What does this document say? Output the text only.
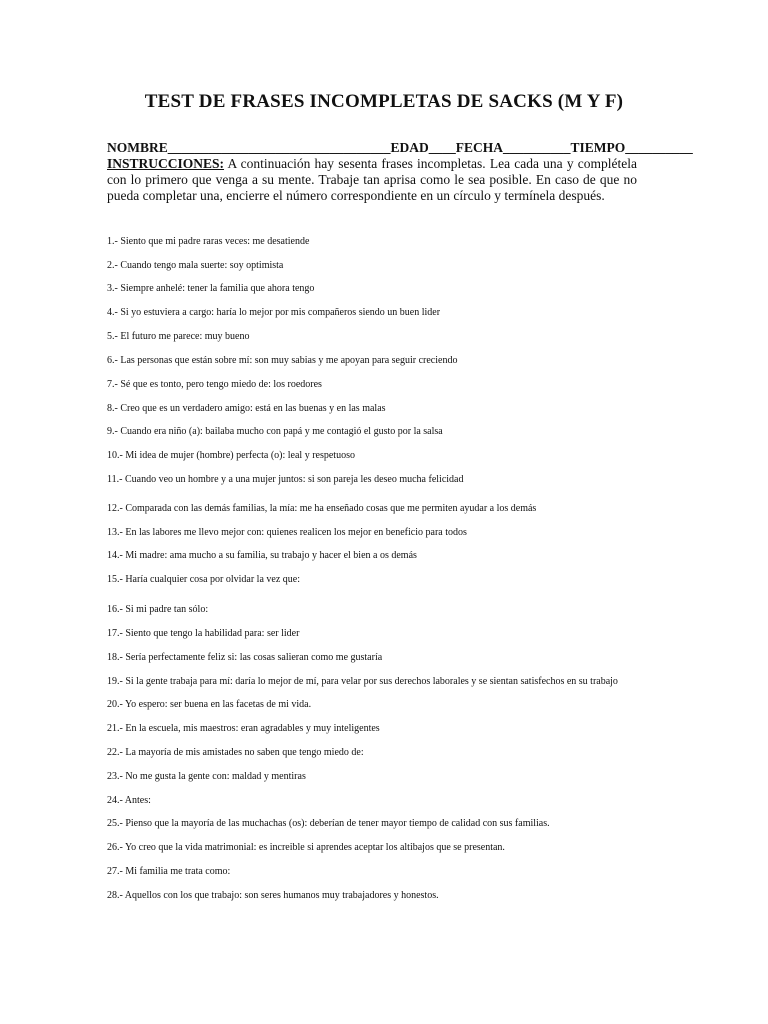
TEST DE FRASES INCOMPLETAS DE SACKS (M Y F)
NOMBRE_________________________________EDAD____FECHA__________TIEMPO__________
INSTRUCCIONES: A continuación hay sesenta frases incompletas. Lea cada una y complétela con lo primero que venga a su mente. Trabaje tan aprisa como le sea posible. En caso de que no pueda completar una, encierre el número correspondiente en un círculo y termínela después.
1.- Siento que mi padre raras veces: me desatiende
2.- Cuando tengo mala suerte: soy optimista
3.- Siempre anhelé: tener la familia que ahora tengo
4.- Si yo estuviera a cargo: haría lo mejor por mis compañeros siendo un buen lider
5.- El futuro me parece: muy bueno
6.- Las personas que están sobre mí: son muy sabias y me apoyan para seguir creciendo
7.- Sé que es tonto, pero tengo miedo de: los roedores
8.- Creo que es un verdadero amigo: está en las buenas y en las malas
9.- Cuando era niño (a): bailaba mucho con papá y me contagió el gusto por la salsa
10.- Mi idea de mujer (hombre) perfecta (o): leal y respetuoso
11.- Cuando veo un hombre y a una mujer juntos: si son pareja les deseo mucha felicidad
12.- Comparada con las demás familias, la mía: me ha enseñado cosas que me permiten ayudar a los demás
13.- En las labores me llevo mejor con: quienes realicen los mejor en beneficio para todos
14.- Mi madre: ama mucho a su familia, su trabajo y hacer el bien a os demás
15.- Haría cualquier cosa por olvidar la vez que:
16.- Si mi padre tan sólo:
17.- Siento que tengo la habilidad para: ser lider
18.- Sería perfectamente feliz si: las cosas salieran como me gustaría
19.- Si la gente trabaja para mí: daría lo mejor de mí, para velar por sus derechos laborales y se sientan satisfechos en su trabajo
20.- Yo espero: ser buena en las facetas de mi vida.
21.- En la escuela, mis maestros: eran agradables y muy inteligentes
22.- La mayoría de mis amistades no saben que tengo miedo de:
23.- No me gusta la gente con: maldad y mentiras
24.- Antes:
25.- Pienso que la mayoría de las muchachas (os): deberían de tener mayor tiempo de calidad con sus familias.
26.- Yo creo que la vida matrimonial: es increible si aprendes aceptar los altibajos que se presentan.
27.- Mi familia me trata como:
28.- Aquellos con los que trabajo: son seres humanos muy trabajadores y honestos.
